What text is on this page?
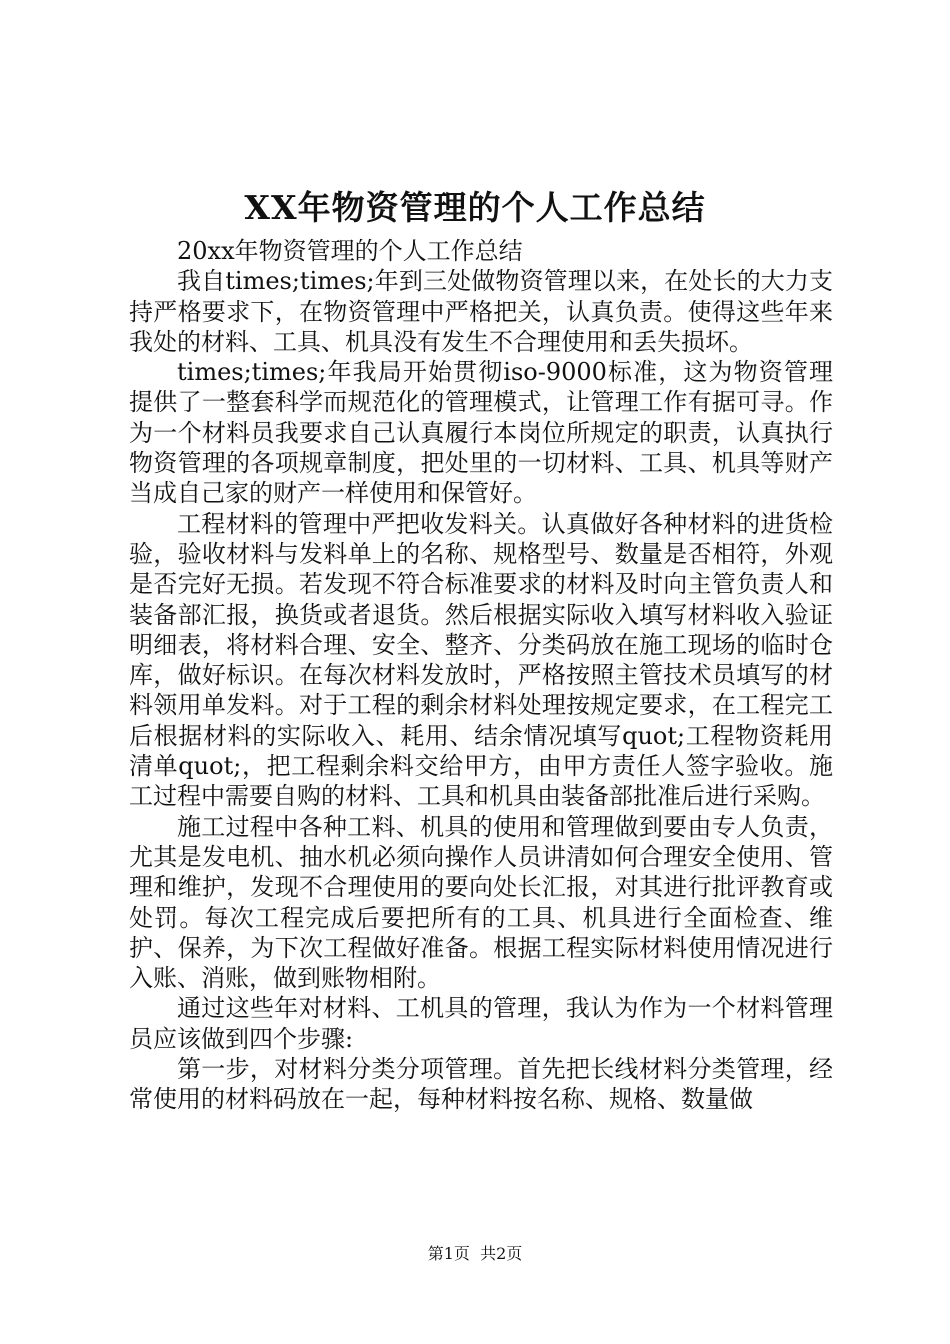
XX年物资管理的个人工作总结

20xx年物资管理的个人工作总结

我自times;times;年到三处做物资管理以来，在处长的大力支持严格要求下，在物资管理中严格把关，认真负责。使得这些年来我处的材料、工具、机具没有发生不合理使用和丢失损坏。

times;times;年我局开始贯彻iso-9000标准，这为物资管理提供了一整套科学而规范化的管理模式，让管理工作有据可寻。作为一个材料员我要求自己认真履行本岗位所规定的职责，认真执行物资管理的各项规章制度，把处里的一切材料、工具、机具等财产当成自己家的财产一样使用和保管好。

工程材料的管理中严把收发料关。认真做好各种材料的进货检验，验收材料与发料单上的名称、规格型号、数量是否相符，外观是否完好无损。若发现不符合标准要求的材料及时向主管负责人和装备部汇报，换货或者退货。然后根据实际收入填写材料收入验证明细表，将材料合理、安全、整齐、分类码放在施工现场的临时仓库，做好标识。在每次材料发放时，严格按照主管技术员填写的材料领用单发料。对于工程的剩余材料处理按规定要求，在工程完工后根据材料的实际收入、耗用、结余情况填写quot;工程物资耗用清单quot;，把工程剩余料交给甲方，由甲方责任人签字验收。施工过程中需要自购的材料、工具和机具由装备部批准后进行采购。

施工过程中各种工料、机具的使用和管理做到要由专人负责，尤其是发电机、抽水机必须向操作人员讲清如何合理安全使用、管理和维护，发现不合理使用的要向处长汇报，对其进行批评教育或处罚。每次工程完成后要把所有的工具、机具进行全面检查、维护、保养，为下次工程做好准备。根据工程实际材料使用情况进行入账、消账，做到账物相附。

通过这些年对材料、工机具的管理，我认为作为一个材料管理员应该做到四个步骤:

第一步，对材料分类分项管理。首先把长线材料分类管理，经常使用的材料码放在一起，每种材料按名称、规格、数量做

第1页 共2页
